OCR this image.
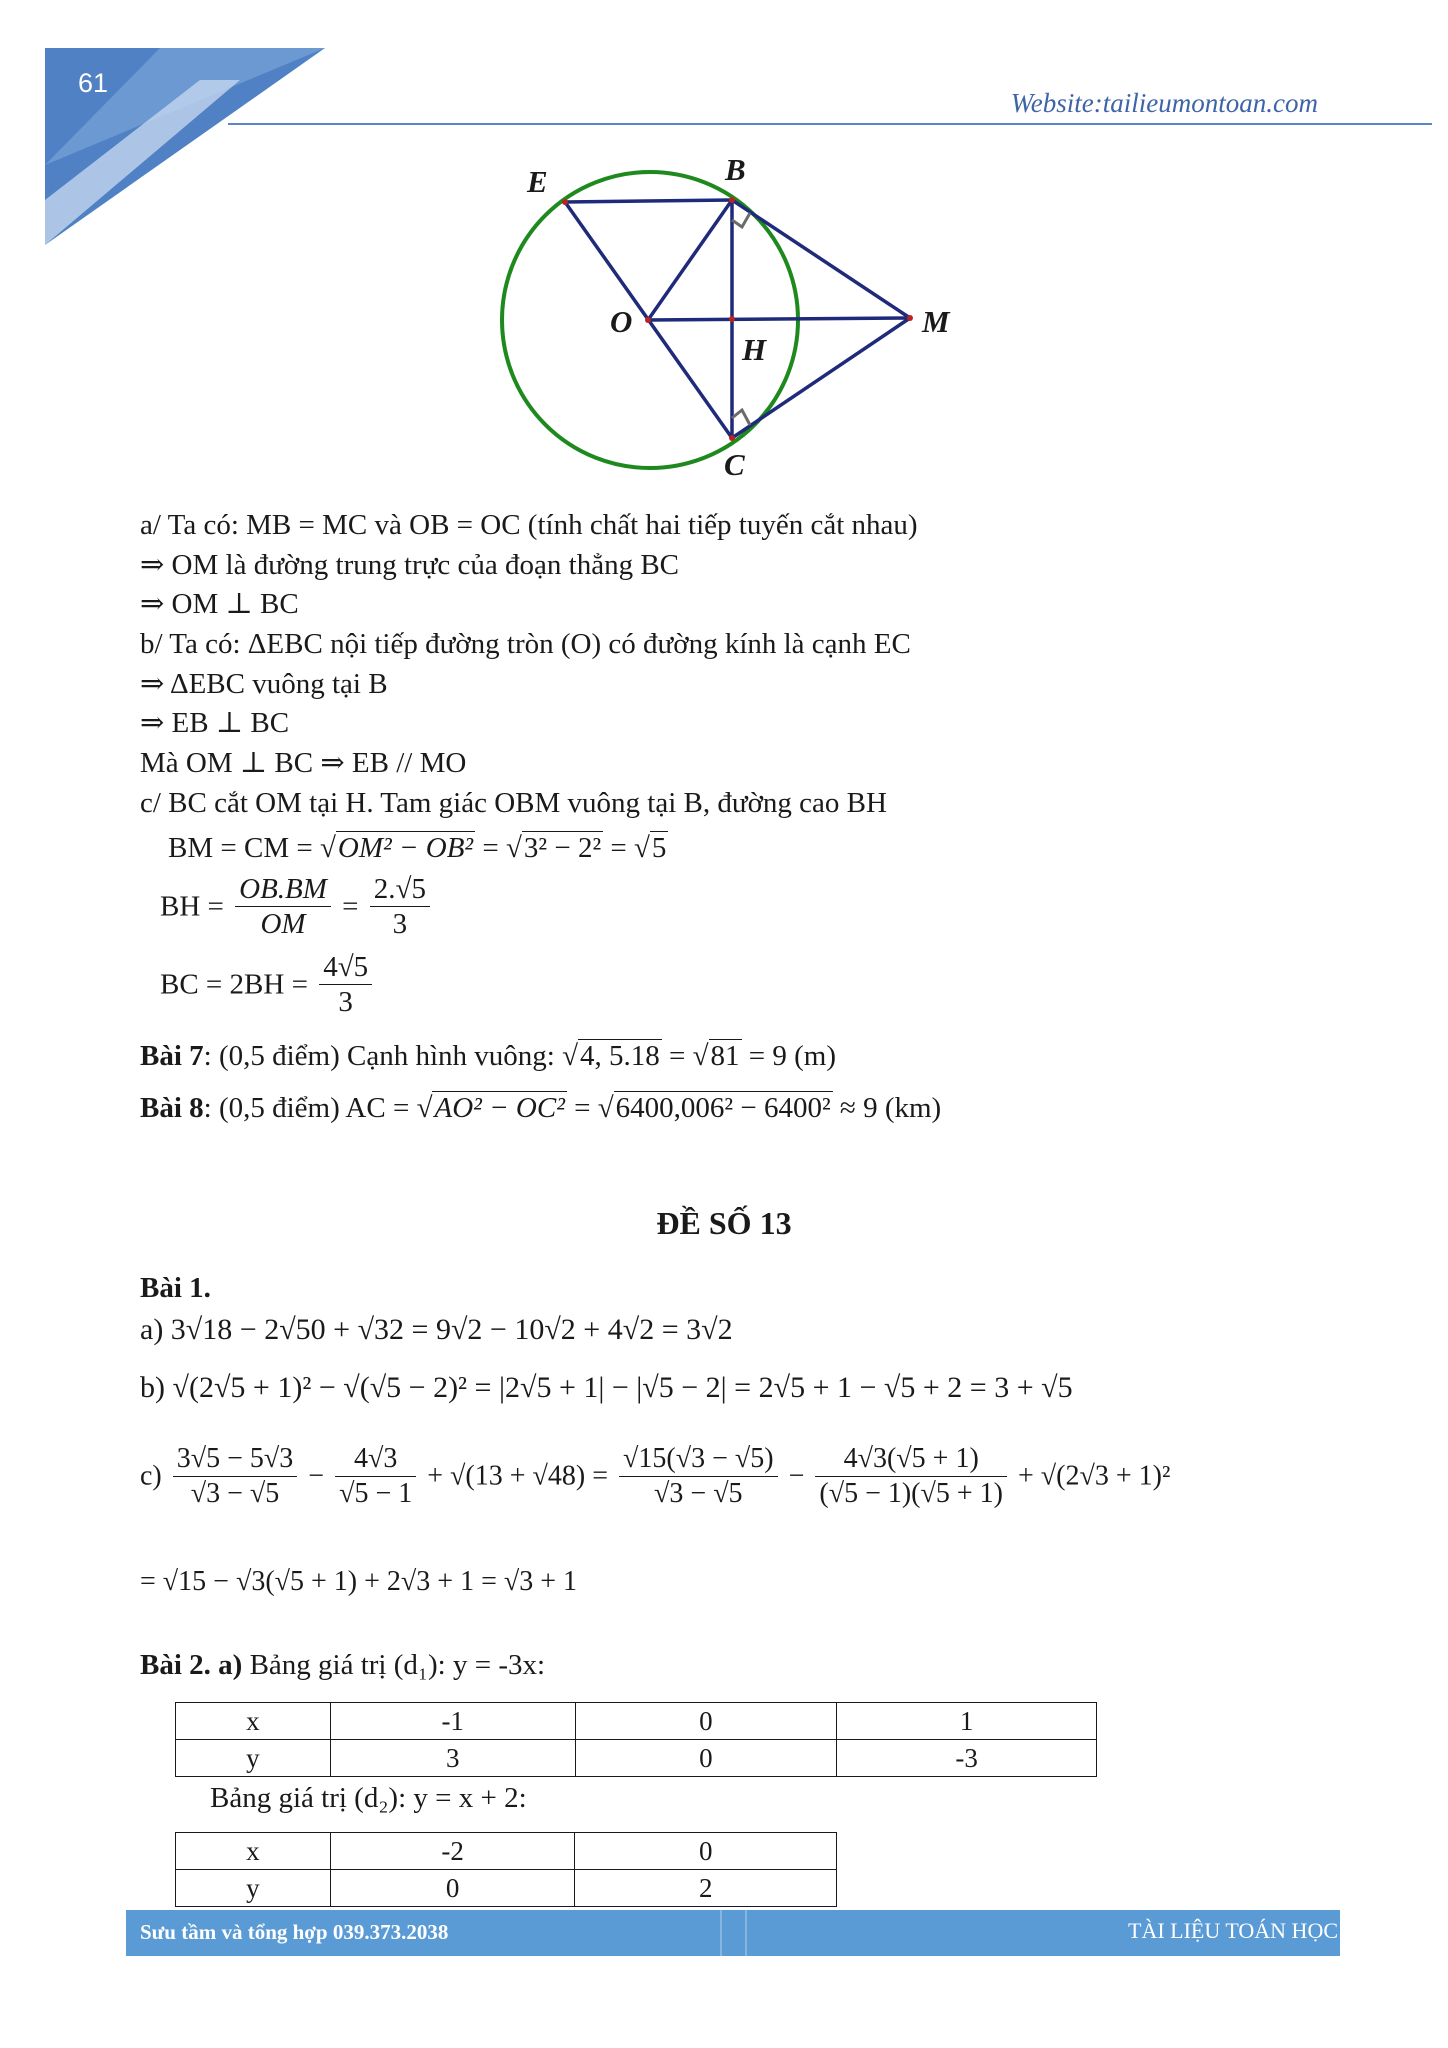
61
Website:tailieumontoan.com
E	B
O	M
H
C
a/ Ta có: MB = MC và OB = OC (tính chất hai tiếp tuyến cắt nhau)
⇒ OM là đường trung trực của đoạn thẳng BC
⇒ OM ⊥ BC
b/ Ta có: ΔEBC nội tiếp đường tròn (O) có đường kính là cạnh EC
⇒ ΔEBC vuông tại B
⇒ EB ⊥ BC
Mà OM ⊥ BC ⇒ EB // MO
c/ BC cắt OM tại H. Tam giác OBM vuông tại B, đường cao BH
BM = CM = √OM² − OB² = √3² − 2² = √5
BH = $\frac{OB.BM}{OM} = \frac{2.√5}{3}$
BC = $2BH = \frac{4√5}{3}$
Bài 7: (0,5 điểm) Cạnh hình vuông: √4, 5.18 = √81 = 9 (m)
Bài 8: (0,5 điểm) AC = √AO² − OC² = √6400,006² − 6400² ≈ 9 (km)
ĐỀ SỐ 13
Bài 1.
a) 3√18 − 2√50 + √32 = 9√2 − 10√2 + 4√2 = 3√2
b) √(2√5 + 1)² − √(√5 − 2)² = |2√5 + 1| − |√5 − 2| = 2√5 + 1 − √5 + 2 = 3 + √5
$c) \frac{3√5 - 5√3}{√3 - √5} - \frac{4√3}{√5 - 1} + √(13 + √48) = \frac{√15(√3 - √5)}{√3 - √5} - \frac{4√3(√5 + 1)}{(√5 - 1)(√5 + 1)} + √(2√3 + 1)^2$
= √15 − √3(√5 + 1) + 2√3 + 1 = √3 + 1
Bài 2. a) Bảng giá trị (d₁): y = -3x:
x	-1	0	1
y	3	0	-3
Bảng giá trị (d₂): y = x + 2:
x	-2	0
y	0	2
Sưu tầm và tổng hợp 039.373.2038	TÀI LIỆU TOÁN HỌC
